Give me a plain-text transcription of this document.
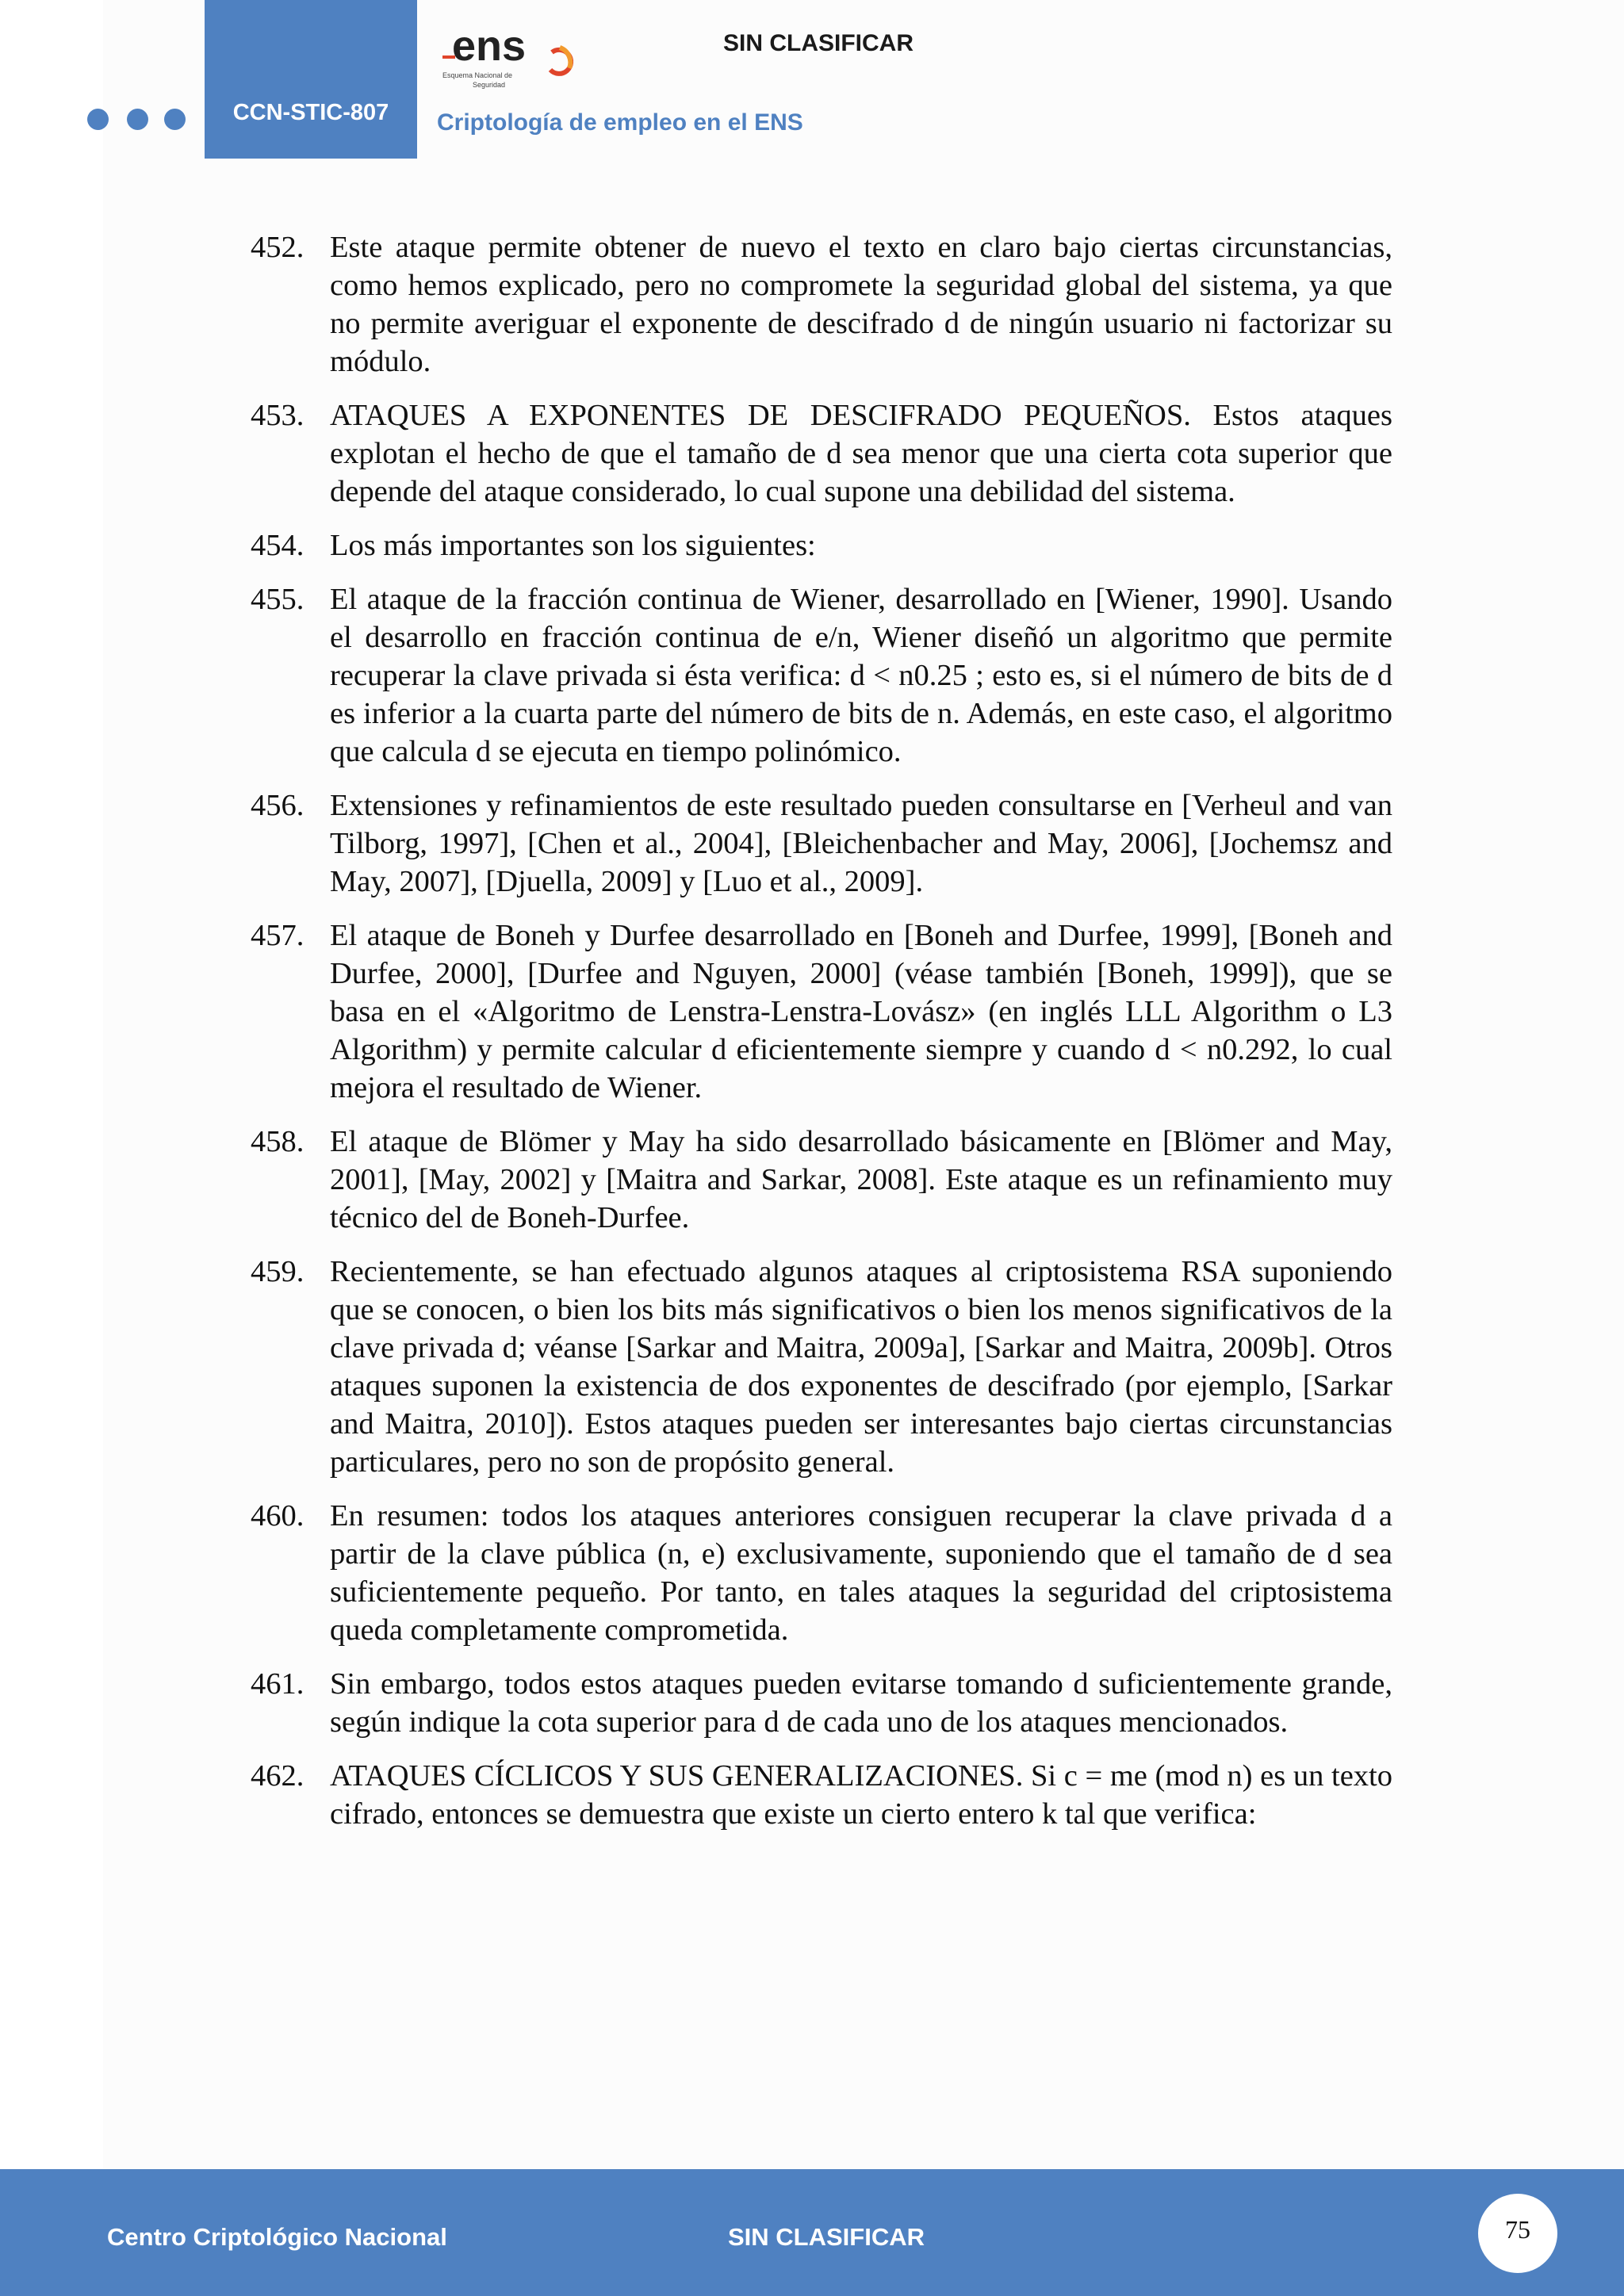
CCN-STIC-807
ens
Esquema Nacional de
Seguridad
SIN CLASIFICAR
Criptología de empleo en el ENS
452. Este ataque permite obtener de nuevo el texto en claro bajo ciertas circunstancias, como hemos explicado, pero no compromete la seguridad global del sistema, ya que no permite averiguar el exponente de descifrado d de ningún usuario ni factorizar su módulo.
453. ATAQUES A EXPONENTES DE DESCIFRADO PEQUEÑOS. Estos ataques explotan el hecho de que el tamaño de d sea menor que una cierta cota superior que depende del ataque considerado, lo cual supone una debilidad del sistema.
454. Los más importantes son los siguientes:
455. El ataque de la fracción continua de Wiener, desarrollado en [Wiener, 1990]. Usando el desarrollo en fracción continua de e/n, Wiener diseñó un algoritmo que permite recuperar la clave privada si ésta verifica: d < n0.25 ; esto es, si el número de bits de d es inferior a la cuarta parte del número de bits de n. Además, en este caso, el algoritmo que calcula d se ejecuta en tiempo polinómico.
456. Extensiones y refinamientos de este resultado pueden consultarse en [Verheul and van Tilborg, 1997], [Chen et al., 2004], [Bleichenbacher and May, 2006], [Jochemsz and May, 2007], [Djuella, 2009] y [Luo et al., 2009].
457. El ataque de Boneh y Durfee desarrollado en [Boneh and Durfee, 1999], [Boneh and Durfee, 2000], [Durfee and Nguyen, 2000] (véase también [Boneh, 1999]), que se basa en el «Algoritmo de Lenstra-Lenstra-Lovász» (en inglés LLL Algorithm o L3 Algorithm) y permite calcular d eficientemente siempre y cuando d < n0.292, lo cual mejora el resultado de Wiener.
458. El ataque de Blömer y May ha sido desarrollado básicamente en [Blömer and May, 2001], [May, 2002] y [Maitra and Sarkar, 2008]. Este ataque es un refinamiento muy técnico del de Boneh-Durfee.
459. Recientemente, se han efectuado algunos ataques al criptosistema RSA suponiendo que se conocen, o bien los bits más significativos o bien los menos significativos de la clave privada d; véanse [Sarkar and Maitra, 2009a], [Sarkar and Maitra, 2009b]. Otros ataques suponen la existencia de dos exponentes de descifrado (por ejemplo, [Sarkar and Maitra, 2010]). Estos ataques pueden ser interesantes bajo ciertas circunstancias particulares, pero no son de propósito general.
460. En resumen: todos los ataques anteriores consiguen recuperar la clave privada d a partir de la clave pública (n, e) exclusivamente, suponiendo que el tamaño de d sea suficientemente pequeño. Por tanto, en tales ataques la seguridad del criptosistema queda completamente comprometida.
461. Sin embargo, todos estos ataques pueden evitarse tomando d suficientemente grande, según indique la cota superior para d de cada uno de los ataques mencionados.
462. ATAQUES CÍCLICOS Y SUS GENERALIZACIONES. Si c = me (mod n) es un texto cifrado, entonces se demuestra que existe un cierto entero k tal que verifica:
Centro Criptológico Nacional	SIN CLASIFICAR	75
